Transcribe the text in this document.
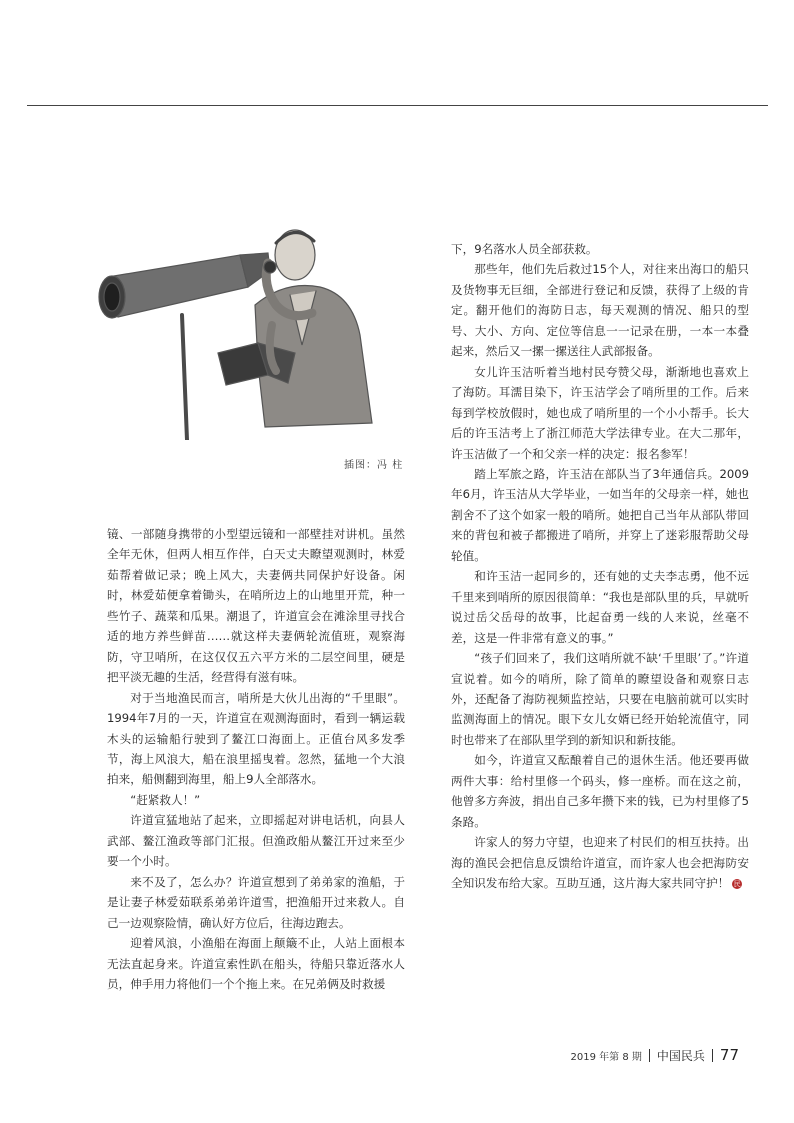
插图：冯 柱

镜、一部随身携带的小型望远镜和一部壁挂对讲机。虽然全年无休，但两人相互作伴，白天丈夫瞭望观测时，林爱茹帮着做记录；晚上风大，夫妻俩共同保护好设备。闲时，林爱茹便拿着锄头，在哨所边上的山地里开荒，种一些竹子、蔬菜和瓜果。潮退了，许道宣会在滩涂里寻找合适的地方养些鲜苗……就这样夫妻俩轮流值班，观察海防，守卫哨所，在这仅仅五六平方米的二层空间里，硬是把平淡无趣的生活，经营得有滋有味。

对于当地渔民而言，哨所是大伙儿出海的“千里眼”。1994年7月的一天，许道宣在观测海面时，看到一辆运载木头的运输船行驶到了鳌江口海面上。正值台风多发季节，海上风浪大，船在浪里摇曳着。忽然，猛地一个大浪拍来，船侧翻到海里，船上9人全部落水。

“赶紧救人！”

许道宣猛地站了起来，立即摇起对讲电话机，向县人武部、鳌江渔政等部门汇报。但渔政船从鳌江开过来至少要一个小时。

来不及了，怎么办？许道宣想到了弟弟家的渔船，于是让妻子林爱茹联系弟弟许道雪，把渔船开过来救人。自己一边观察险情，确认好方位后，往海边跑去。

迎着风浪，小渔船在海面上颠簸不止，人站上面根本无法直起身来。许道宣索性趴在船头，待船只靠近落水人员，伸手用力将他们一个个拖上来。在兄弟俩及时救援

下，9名落水人员全部获救。

那些年，他们先后救过15个人，对往来出海口的船只及货物事无巨细，全部进行登记和反馈，获得了上级的肯定。翻开他们的海防日志，每天观测的情况、船只的型号、大小、方向、定位等信息一一记录在册，一本一本叠起来，然后又一摞一摞送往人武部报备。

女儿许玉洁听着当地村民夸赞父母，渐渐地也喜欢上了海防。耳濡目染下，许玉洁学会了哨所里的工作。后来每到学校放假时，她也成了哨所里的一个小小帮手。长大后的许玉洁考上了浙江师范大学法律专业。在大二那年，许玉洁做了一个和父亲一样的决定：报名参军！

踏上军旅之路，许玉洁在部队当了3年通信兵。2009年6月，许玉洁从大学毕业，一如当年的父母亲一样，她也割舍不了这个如家一般的哨所。她把自己当年从部队带回来的背包和被子都搬进了哨所，并穿上了迷彩服帮助父母轮值。

和许玉洁一起同乡的，还有她的丈夫李志勇，他不远千里来到哨所的原因很简单：“我也是部队里的兵，早就听说过岳父岳母的故事，比起奋勇一线的人来说，丝毫不差，这是一件非常有意义的事。”

“孩子们回来了，我们这哨所就不缺‘千里眼’了。”许道宣说着。如今的哨所，除了简单的瞭望设备和观察日志外，还配备了海防视频监控站，只要在电脑前就可以实时监测海面上的情况。眼下女儿女婿已经开始轮流值守，同时也带来了在部队里学到的新知识和新技能。

如今，许道宣又酝酿着自己的退休生活。他还要再做两件大事：给村里修一个码头，修一座桥。而在这之前，他曾多方奔波，捐出自己多年攒下来的钱，已为村里修了5条路。

许家人的努力守望，也迎来了村民们的相互扶持。出海的渔民会把信息反馈给许道宣，而许家人也会把海防安全知识发布给大家。互助互通，这片海大家共同守护！ 民

2019 年第 8 期 中国民兵 77
